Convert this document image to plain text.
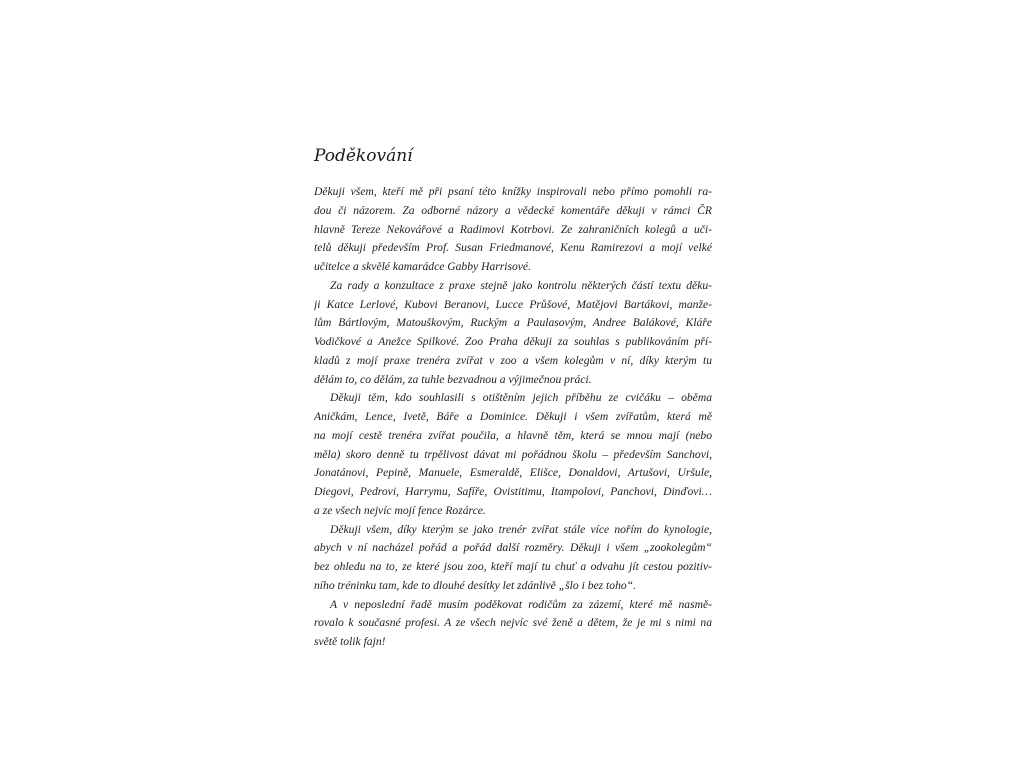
Poděkování
Děkuji všem, kteří mě při psaní této knížky inspirovali nebo přímo pomohli ra-
dou či názorem. Za odborné názory a vědecké komentáře děkuji v rámci ČR
hlavně Tereze Nekovářové a Radimovi Kotrbovi. Ze zahraničních kolegů a uči-
telů děkuji především Prof. Susan Friedmanové, Kenu Ramirezovi a mojí velké
učitelce a skvělé kamarádce Gabby Harrisové.
Za rady a konzultace z praxe stejně jako kontrolu některých částí textu děku-
ji Katce Lerlové, Kubovi Beranovi, Lucce Průšové, Matějovi Bartákovi, manže-
lům Bártlovým, Matouškovým, Ruckým a Paulasovým, Andree Balákové, Kláře
Vodičkové a Anežce Spilkové. Zoo Praha děkuji za souhlas s publikováním pří-
kladů z mojí praxe trenéra zvířat v zoo a všem kolegům v ní, díky kterým tu
dělám to, co dělám, za tuhle bezvadnou a výjimečnou práci.
Děkuji těm, kdo souhlasili s otištěním jejich příběhu ze cvičáku – oběma
Aničkám, Lence, Ivetě, Báře a Dominice. Děkuji i všem zvířatům, která mě
na mojí cestě trenéra zvířat poučila, a hlavně těm, která se mnou mají (nebo
měla) skoro denně tu trpělivost dávat mi pořádnou školu – především Sanchovi,
Jonatánovi, Pepině, Manuele, Esmeraldě, Elišce, Donaldovi, Artušovi, Uršule,
Diegovi, Pedrovi, Harrymu, Safíře, Ovistitimu, Itampolovi, Panchovi, Dinďovi…
a ze všech nejvíc mojí fence Rozárce.
Děkuji všem, díky kterým se jako trenér zvířat stále více nořím do kynologie,
abych v ní nacházel pořád a pořád další rozměry. Děkuji i všem „zookolegům“
bez ohledu na to, ze které jsou zoo, kteří mají tu chuť a odvahu jít cestou pozitiv-
ního tréninku tam, kde to dlouhé desítky let zdánlivě „šlo i bez toho“.
A v neposlední řadě musím poděkovat rodičům za zázemí, které mě nasmě-
rovalo k současné profesi. A ze všech nejvíc své ženě a dětem, že je mi s nimi na
světě tolik fajn!
